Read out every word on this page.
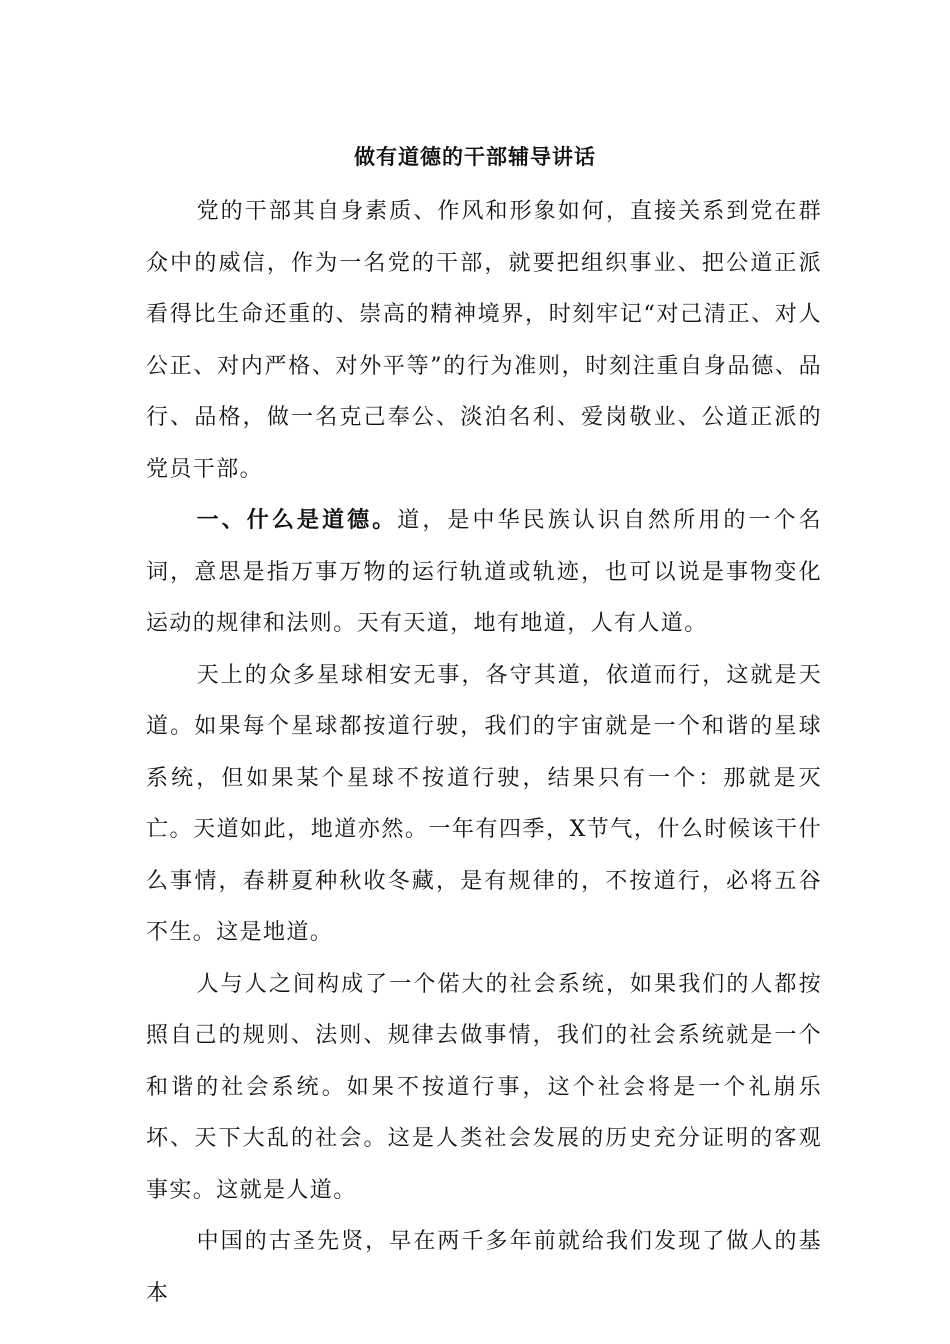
做有道德的干部辅导讲话

党的干部其自身素质、作风和形象如何，直接关系到党在群众中的威信，作为一名党的干部，就要把组织事业、把公道正派看得比生命还重的、崇高的精神境界，时刻牢记“对己清正、对人公正、对内严格、对外平等”的行为准则，时刻注重自身品德、品行、品格，做一名克己奉公、淡泊名利、爱岗敬业、公道正派的党员干部。

一、什么是道德。道，是中华民族认识自然所用的一个名词，意思是指万事万物的运行轨道或轨迹，也可以说是事物变化运动的规律和法则。天有天道，地有地道，人有人道。

天上的众多星球相安无事，各守其道，依道而行，这就是天道。如果每个星球都按道行驶，我们的宇宙就是一个和谐的星球系统，但如果某个星球不按道行驶，结果只有一个：那就是灭亡。天道如此，地道亦然。一年有四季，X节气，什么时候该干什么事情，春耕夏种秋收冬藏，是有规律的，不按道行，必将五谷不生。这是地道。

人与人之间构成了一个偌大的社会系统，如果我们的人都按照自己的规则、法则、规律去做事情，我们的社会系统就是一个和谐的社会系统。如果不按道行事，这个社会将是一个礼崩乐坏、天下大乱的社会。这是人类社会发展的历史充分证明的客观事实。这就是人道。

中国的古圣先贤，早在两千多年前就给我们发现了做人的基本
